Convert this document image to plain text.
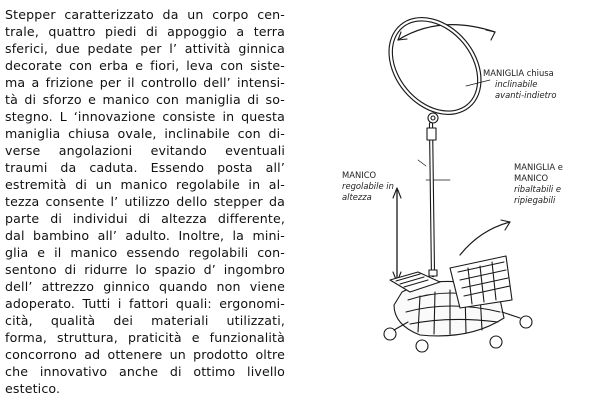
Stepper caratterizzato da un corpo cen-
trale, quattro piedi di appoggio a terra
sferici, due pedate per l’ attività ginnica
decorate con erba e fiori, leva con siste-
ma a frizione per il controllo dell’ intensi-
tà di sforzo e manico con maniglia di so-
stegno. L ‘innovazione consiste in questa
maniglia chiusa ovale, inclinabile con di-
verse angolazioni evitando eventuali
traumi da caduta. Essendo posta all’
estremità di un manico regolabile in al-
tezza consente l’ utilizzo dello stepper da
parte di individui di altezza differente,
dal bambino all’ adulto. Inoltre, la mini-
glia e il manico essendo regolabili con-
sentono di ridurre lo spazio d’ ingombro
dell’ attrezzo ginnico quando non viene
adoperato. Tutti i fattori quali: ergonomi-
cità, qualità dei materiali utilizzati,
forma, struttura, praticità e funzionalità
concorrono ad ottenere un prodotto oltre
che innovativo anche di ottimo livello
estetico.
MANIGLIA chiusa
inclinabile
avanti-indietro
MANICO
regolabile in
altezza
MANIGLIA e
MANICO
ribaltabili e
ripiegabili
